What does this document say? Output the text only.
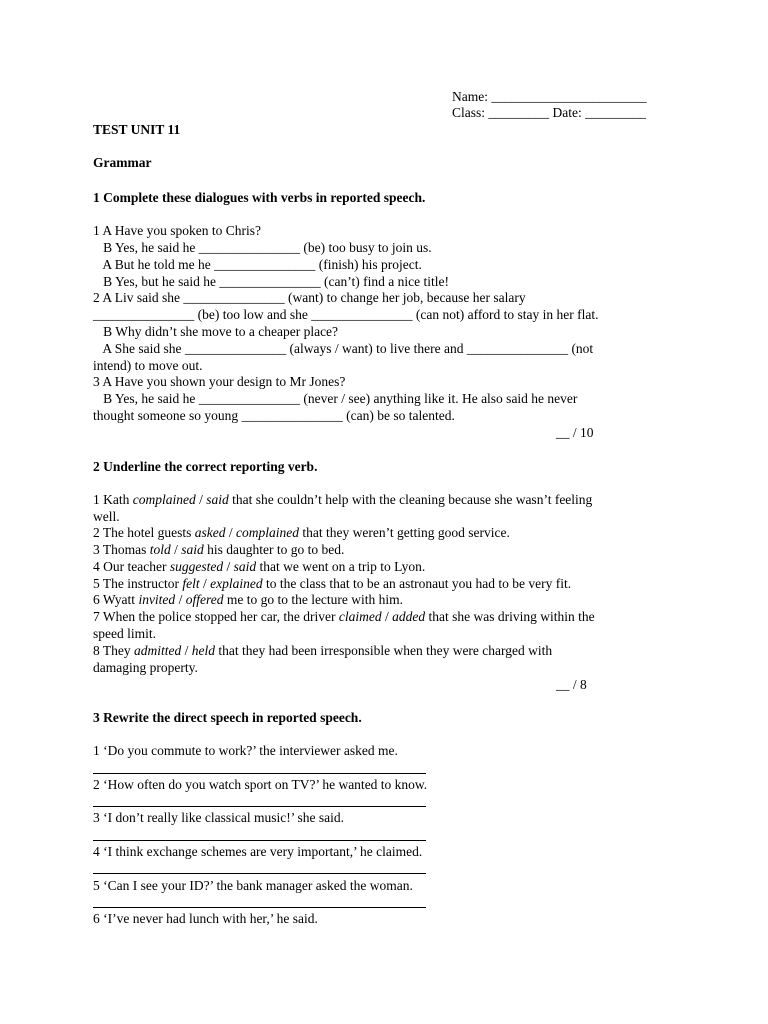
Name: _______________________
Class: _________ Date: _________
TEST UNIT 11
Grammar
1 Complete these dialogues with verbs in reported speech.
1 A Have you spoken to Chris?
B Yes, he said he _______________ (be) too busy to join us.
A But he told me he _______________ (finish) his project.
B Yes, but he said he _______________ (can’t) find a nice title!
2 A Liv said she _______________ (want) to change her job, because her salary
_______________ (be) too low and she _______________ (can not) afford to stay in her flat.
B Why didn’t she move to a cheaper place?
A She said she _______________ (always / want) to live there and _______________ (not
intend) to move out.
3 A Have you shown your design to Mr Jones?
B Yes, he said he _______________ (never / see) anything like it. He also said he never
thought someone so young _______________ (can) be so talented.
__ / 10
2 Underline the correct reporting verb.
1 Kath complained / said that she couldn’t help with the cleaning because she wasn’t feeling
well.
2 The hotel guests asked / complained that they weren’t getting good service.
3 Thomas told / said his daughter to go to bed.
4 Our teacher suggested / said that we went on a trip to Lyon.
5 The instructor felt / explained to the class that to be an astronaut you had to be very fit.
6 Wyatt invited / offered me to go to the lecture with him.
7 When the police stopped her car, the driver claimed / added that she was driving within the
speed limit.
8 They admitted / held that they had been irresponsible when they were charged with
damaging property.
__ / 8
3 Rewrite the direct speech in reported speech.
1 ‘Do you commute to work?’ the interviewer asked me.
2 ‘How often do you watch sport on TV?’ he wanted to know.
3 ‘I don’t really like classical music!’ she said.
4 ‘I think exchange schemes are very important,’ he claimed.
5 ‘Can I see your ID?’ the bank manager asked the woman.
6 ‘I’ve never had lunch with her,’ he said.
